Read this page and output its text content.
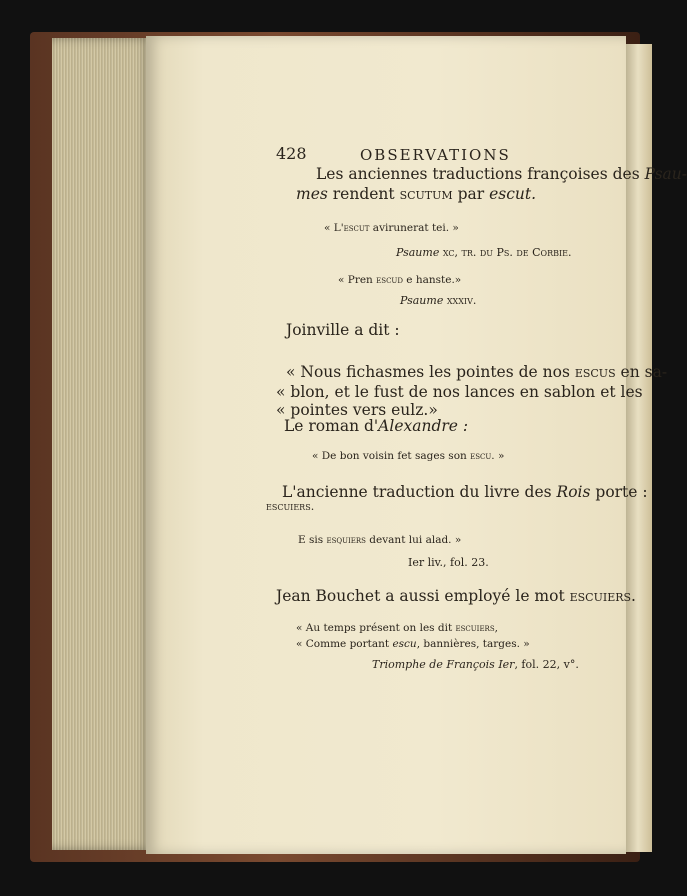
428	OBSERVATIONS
Les anciennes traductions françoises des Psau-
mes rendent scutum par escut.
« L'escut avirunerat tei. »
Psaume xc, tr. du Ps. de Corbie.
« Pren escud e hanste.»
Psaume xxxiv.
Joinville a dit :
« Nous fichasmes les pointes de nos escus en sa-
« blon, et le fust de nos lances en sablon et les
« pointes vers eulz.»
Le roman d'Alexandre :
« De bon voisin fet sages son escu. »
L'ancienne traduction du livre des Rois porte :
escuiers.
E sis esquiers devant lui alad. »
Ier liv., fol. 23.
Jean Bouchet a aussi employé le mot escuiers.
« Au temps présent on les dit escuiers,
« Comme portant escu, bannières, targes. »
Triomphe de François Ier, fol. 22, v°.
